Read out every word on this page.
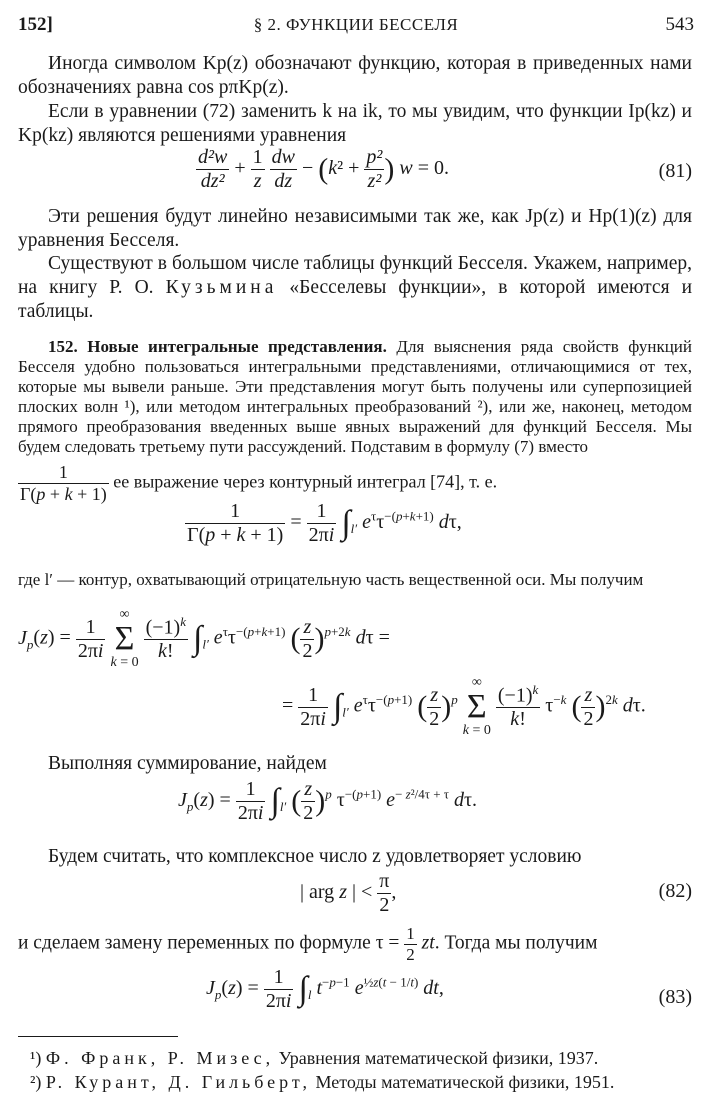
152]	§ 2. ФУНКЦИИ БЕССЕЛЯ	543
Иногда символом Kp(z) обозначают функцию, которая в приведенных нами обозначениях равна cos pπKp(z).
Если в уравнении (72) заменить k на ik, то мы увидим, что функции Ip(kz) и Kp(kz) являются решениями уравнения
$\frac{\text{d²w}}{\text{dz²}} + \frac{1}{z}$
$\frac{dw}{dz} - (k^2 + \frac{\text{p²}}{\text{z²}}$ ) w = 0.	(81)
Эти решения будут линейно независимыми так же, как Jp(z) и Hp(1)(z) для уравнения Бесселя.
Существуют в большом числе таблицы функций Бесселя. Укажем, например, на книгу Р. О. Кузьмина «Бесселевы функции», в которой имеются и таблицы.
152. Новые интегральные представления. Для выяснения ряда свойств функций Бесселя удобно пользоваться интегральными представлениями, отличающимися от тех, которые мы вывели раньше. Эти представления могут быть получены или суперпозицией плоских волн ¹), или методом интегральных преобразований ²), или же, наконец, методом прямого преобразования введенных выше явных выражений для функций Бесселя. Мы будем следовать третьему пути рассуждений. Подставим в формулу (7) вместо
$\frac{1}{\Gamma(p + k + 1)}$ ее выражение через контурный интеграл [74], т. е.
$\frac{1}{\Gamma(p + k + 1)} = \frac{1}{2\pi i} \int_{l'}$ $e^\tau\tau^{-(p+k+1)}$ dτ,
где l′ — контур, охватывающий отрицательную часть вещественной оси. Мы получим
$J_p(z) = \frac{1}{2\pi i}$

∞
Σ
k = 0
$\frac{(-1)^k}{k!} \int_{l'}$ $e^\tau\tau^{-(p+k+1)}$ ( $\frac{z}{2} )^{p+2k}$ dτ =
= $\frac{1}{2\pi i} \int_{l'}$ $e^\tau\tau^{-(p+1)}$ ( $\frac{z}{2} )^p$
∞
Σ
k = 0
$\frac{(-1)^k}{k!} \tau^{-k}$ ( $\frac{z}{2} )^{2k}$ dτ.
Выполняя суммирование, найдем
$J_p(z) = \frac{1}{2\pi i} \int_{l'}$ ( $\frac{z}{2} )^p$ $\tau^{-(p+1)}$ $e^{- z^2/4\tau + \tau}$ dτ.
Будем считать, что комплексное число z удовлетворяет условию
| arg z | < $\frac{\pi}{2}$ ,	(82)
и сделаем замену переменных по формуле $\tau = \frac{1}{2}$ zt. Тогда мы получим
$J_p(z) = \frac{1}{2\pi i} \int_l$ $t^{-p-1}$ $e^{\frac{1}{2}z(t - 1/t)}$ dt,	(83)
¹) Ф. Франк, Р. Мизес, Уравнения математической физики, 1937.
²) Р. Курант, Д. Гильберт, Методы математической физики, 1951.
